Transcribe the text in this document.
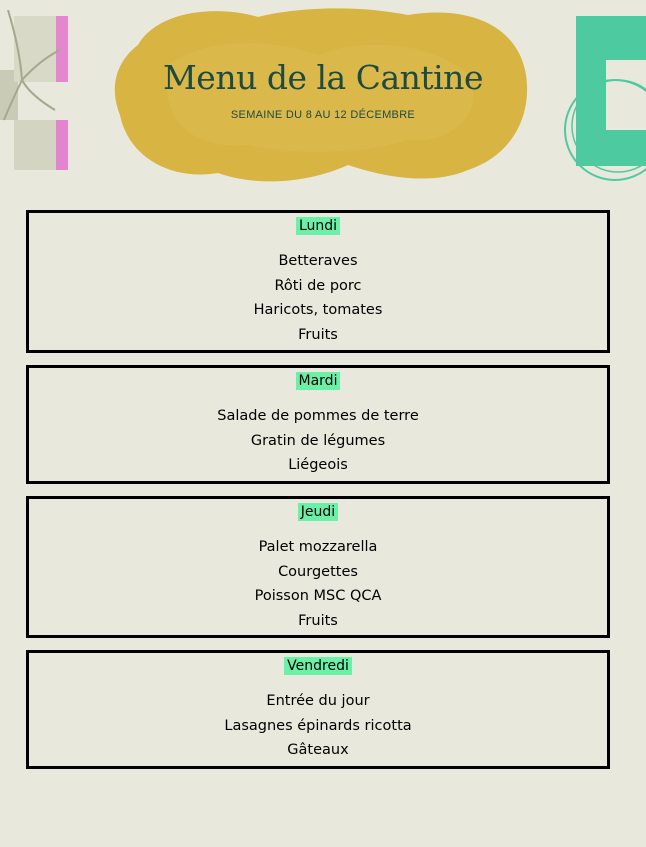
Menu de la Cantine
SEMAINE DU 8 AU 12 DÉCEMBRE
Lundi
Betteraves
Rôti de porc
Haricots, tomates
Fruits
Mardi
Salade de pommes de terre
Gratin de légumes
Liégeois
Jeudi
Palet mozzarella
Courgettes
Poisson MSC QCA
Fruits
Vendredi
Entrée du jour
Lasagnes épinards ricotta
Gâteaux
